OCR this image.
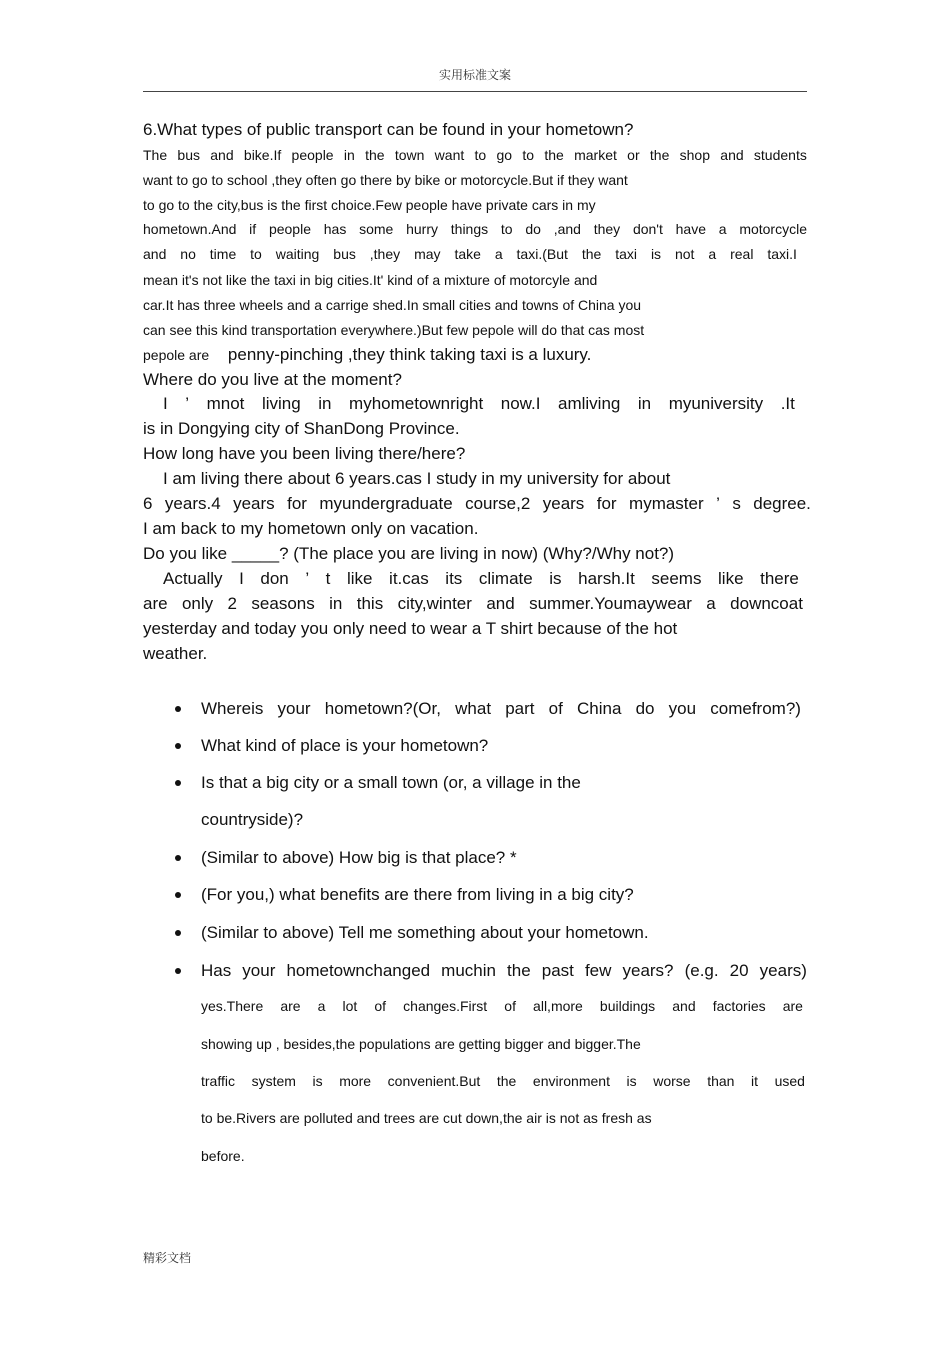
实用标准文案
6.What types of public transport can be found in your hometown?
The bus and bike.If people in the town want to go to the market or the shop and students
want to go to school ,they often go there by bike or motorcycle.But if they want
to go to the city,bus is the first choice.Few people have private cars in my
hometown.And if people has some hurry things to do ,and they don't have a motorcycle
and no time to waiting bus ,they may take a taxi.(But the taxi is not a real taxi.I
mean it's not like the taxi in big cities.It' kind of a mixture of motorcyle and
car.It has three wheels and a carrige shed.In small cities and towns of China you
can see this kind transportation everywhere.)But few pepole will do that cas most
pepole are penny-pinching ,they think taking taxi is a luxury.
Where do you live at the moment?
I ’ mnot living in myhometownright now.I amliving in myuniversity .It
is in Dongying city of ShanDong Province.
How long have you been living there/here?
I am living there about 6 years.cas I study in my university for about
6 years.4 years for myundergraduate course,2 years for mymaster ’ s degree.
I am back to my hometown only on vacation.
Do you like _____? (The place you are living in now) (Why?/Why not?)
Actually I don ’ t like it.cas its climate is harsh.It seems like there
are only 2 seasons in this city,winter and summer.Youmaywear a downcoat
yesterday and today you only need to wear a T shirt because of the hot
weather.
Whereis your hometown?(Or, what part of China do you comefrom?)
What kind of place is your hometown?
Is that a big city or a small town (or, a village in the
countryside)?
(Similar to above) How big is that place? *
(For you,) what benefits are there from living in a big city?
(Similar to above) Tell me something about your hometown.
Has your hometownchanged muchin the past few years? (e.g. 20 years)
yes.There are a lot of changes.First of all,more buildings and factories are
showing up , besides,the populations are getting bigger and bigger.The
traffic system is more convenient.But the environment is worse than it used
to be.Rivers are polluted and trees are cut down,the air is not as fresh as
before.
精彩文档
